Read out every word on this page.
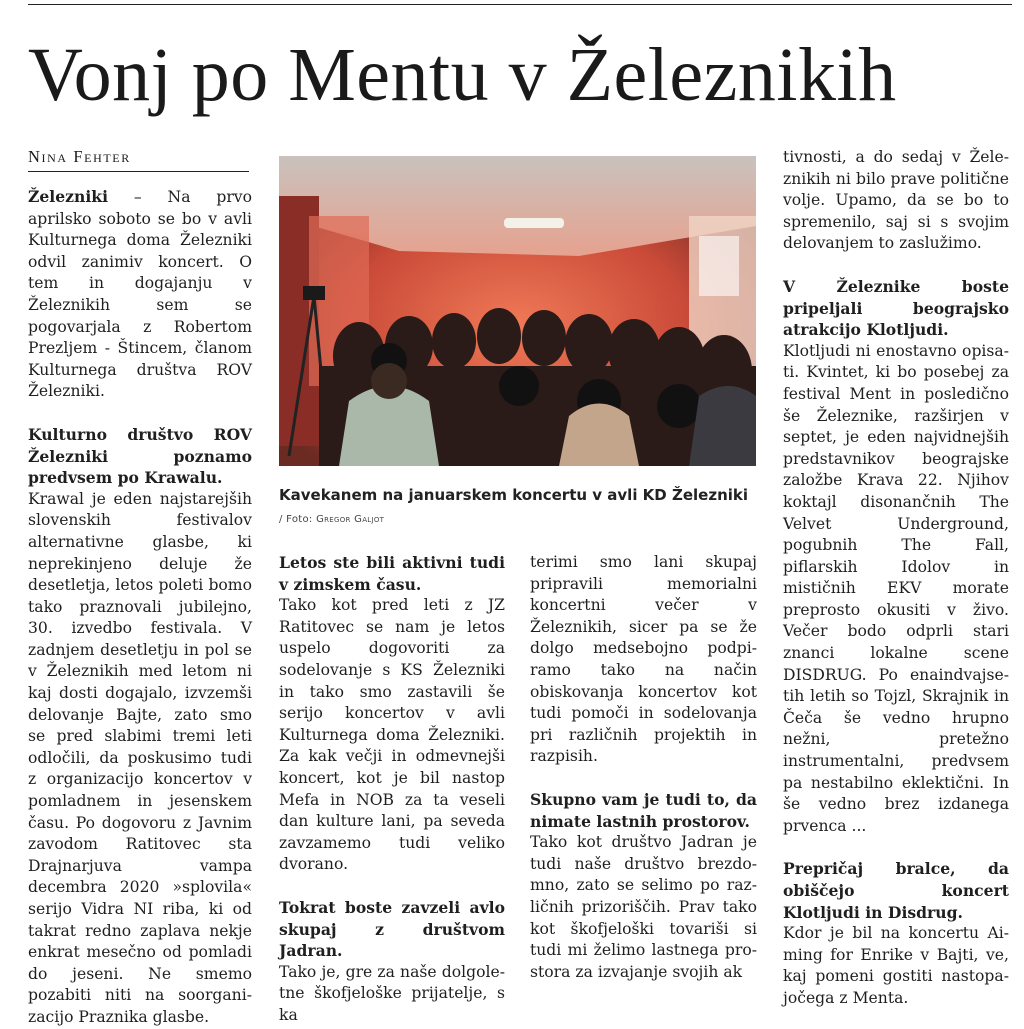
Vonj po Mentu v Železnikih
Nina Fehter

Železniki – Na prvo aprilsko soboto se bo v avli Kulturnega doma Železniki odvil zanimiv koncert. O tem in dogajanju v Železnikih sem se pogovarjala z Robertom Prezljem - Štincem, članom Kulturnega društva ROV Železniki.

Kulturno društvo ROV Železniki poznamo predvsem po Krawalu.

Krawal je eden najstarejših slovenskih festivalov alternativne glasbe, ki neprekinjeno deluje že desetletja, letos poleti bomo tako praznovali jubilejno, 30. izvedbo festivala. V zadnjem desetletju in pol se v Železnikih med letom ni kaj dosti dogajalo, izvzemši delovanje Bajte, zato smo se pred slabimi tremi leti odločili, da poskusimo tudi z organizacijo koncertov v pomladnem in jesenskem času. Po dogovoru z Javnim zavodom Ratitovec sta Drajnarjuva vampa decembra 2020 »splovila« serijo Vidra NI riba, ki od takrat redno zaplava nekje enkrat mesečno od pomladi do jeseni. Ne smemo pozabiti niti na soorganizacijo Praznika glasbe.

Kavekanem na januarskem koncertu v avli KD Železniki
/ Foto: Gregor Galjot

Letos ste bili aktivni tudi v zimskem času.

Tako kot pred leti z JZ Ratitovec se nam je letos uspelo dogovoriti za sodelovanje s KS Železniki in tako smo zastavili še serijo koncertov v avli Kulturnega doma Železniki. Za kak večji in odmevnejši koncert, kot je bil nastop Mefa in NOB za ta veseli dan kulture lani, pa seveda zavzamemo tudi veliko dvorano.

Tokrat boste zavzeli avlo skupaj z društvom Jadran.

Tako je, gre za naše dolgoletne škofjeloške prijatelje, s ka

terimi smo lani skupaj pripravili memorialni koncertni večer v Železnikih, sicer pa se že dolgo medsebojno podpiramo tako na način obiskovanja koncertov kot tudi pomoči in sodelovanja pri različnih projektih in razpisih.

Skupno vam je tudi to, da nimate lastnih prostorov.

Tako kot društvo Jadran je tudi naše društvo brezdomno, zato se selimo po različnih prizoriščih. Prav tako kot škofjeloški tovariši si tudi mi želimo lastnega prostora za izvajanje svojih ak

tivnosti, a do sedaj v Železnikih ni bilo prave politične volje. Upamo, da se bo to spremenilo, saj si s svojim delovanjem to zaslužimo.

V Železnike boste pripeljali beograjsko atrakcijo Klotljudi.

Klotljudi ni enostavno opisati. Kvintet, ki bo posebej za festival Ment in posledično še Železnike, razširjen v septet, je eden najvidnejših predstavnikov beograjske založbe Krava 22. Njihov koktajl disonančnih The Velvet Underground, pogubnih The Fall, piflarskih Idolov in mističnih EKV morate preprosto okusiti v živo. Večer bodo odprli stari znanci lokalne scene DISDRUG. Po enaindvajsetih letih so Tojzl, Skrajnik in Čeča še vedno hrupno nežni, pretežno instrumentalni, predvsem pa nestabilno eklektični. In še vedno brez izdanega prvenca ...

Prepričaj bralce, da obiščejo koncert Klotljudi in Disdrug.

Kdor je bil na koncertu Aiming for Enrike v Bajti, ve, kaj pomeni gostiti nastopajočega z Menta.
